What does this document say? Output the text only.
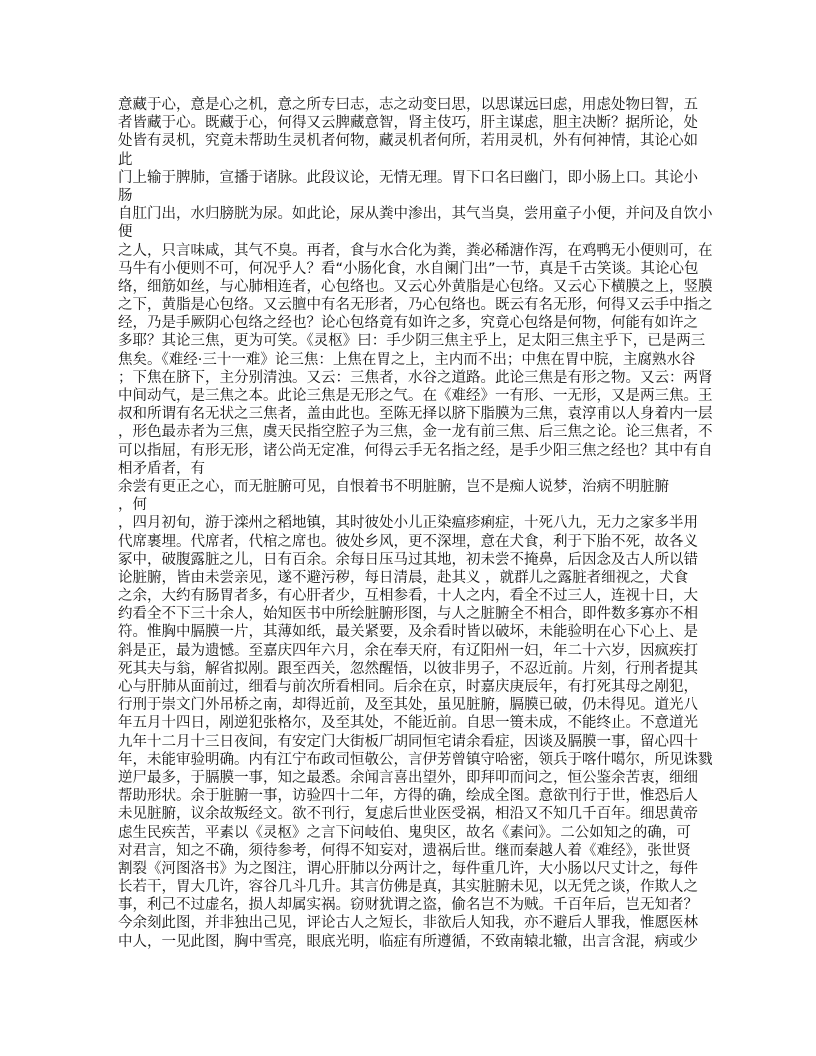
意藏于心，意是心之机，意之所专曰志，志之动变曰思，以思谋远曰虑，用虑处物曰智，五
者皆藏于心。既藏于心，何得又云脾藏意智，肾主伎巧，肝主谋虑，胆主决断？据所论，处
处皆有灵机，究竟未帮助生灵机者何物，藏灵机者何所，若用灵机，外有何神情，其论心如
此
门上输于脾肺，宣播于诸脉。此段议论，无情无理。胃下口名曰幽门，即小肠上口。其论小
肠
自肛门出，水归膀胱为尿。如此论，尿从粪中渗出，其气当臭，尝用童子小便，并问及自饮小
便
之人，只言味咸，其气不臭。再者，食与水合化为粪，粪必稀溏作泻，在鸡鸭无小便则可，在
马牛有小便则不可，何况乎人？看“小肠化食，水自阑门出”一节，真是千古笑谈。其论心包
络，细筋如丝，与心肺相连者，心包络也。又云心外黄脂是心包络。又云心下横膜之上，竖膜
之下，黄脂是心包络。又云膻中有名无形者，乃心包络也。既云有名无形，何得又云手中指之
经，乃是手厥阴心包络之经也？论心包络竟有如许之多，究竟心包络是何物，何能有如许之
多耶？其论三焦，更为可笑。《灵枢》曰：手少阴三焦主乎上，足太阳三焦主乎下，已是两三
焦矣。《难经·三十一难》论三焦：上焦在胃之上，主内而不出；中焦在胃中脘，主腐熟水谷
；下焦在脐下，主分别清浊。又云：三焦者，水谷之道路。此论三焦是有形之物。又云：两肾
中间动气，是三焦之本。此论三焦是无形之气。在《难经》一有形、一无形，又是两三焦。王
叔和所谓有名无状之三焦者，盖由此也。至陈无择以脐下脂膜为三焦，袁淳甫以人身着内一层
，形色最赤者为三焦，虞天民指空腔子为三焦，金一龙有前三焦、后三焦之论。论三焦者，不
可以指屈，有形无形，诸公尚无定准，何得云手无名指之经，是手少阳三焦之经也？其中有自
相矛盾者，有
余尝有更正之心，而无脏腑可见，自恨着书不明脏腑，岂不是痴人说梦，治病不明脏腑
，何
，四月初旬，游于滦州之稻地镇，其时彼处小儿正染瘟疹痢症，十死八九，无力之家多半用
代席裹埋。代席者，代棺之席也。彼处乡风，更不深埋，意在犬食，利于下胎不死，故各义
冢中，破腹露脏之儿，日有百余。余每日压马过其地，初未尝不掩鼻，后因念及古人所以错
论脏腑，皆由未尝亲见，遂不避污秽，每日清晨，赴其义 ，就群儿之露脏者细视之，犬食
之余，大约有肠胃者多，有心肝者少，互相参看，十人之内，看全不过三人，连视十日，大
约看全不下三十余人，始知医书中所绘脏腑形图，与人之脏腑全不相合，即件数多寡亦不相
符。惟胸中膈膜一片，其薄如纸，最关紧要，及余看时皆以破坏，未能验明在心下心上、是
斜是正，最为遗憾。至嘉庆四年六月，余在奉天府，有辽阳州一妇，年二十六岁，因疯疾打
死其夫与翁，解省拟剐。跟至西关，忽然醒悟，以彼非男子，不忍近前。片刻，行刑者提其
心与肝肺从面前过，细看与前次所看相同。后余在京，时嘉庆庚辰年，有打死其母之剐犯，
行刑于崇文门外吊桥之南，却得近前，及至其处，虽见脏腑，膈膜已破，仍未得见。道光八
年五月十四日，剐逆犯张格尔，及至其处，不能近前。自思一篑未成，不能终止。不意道光
九年十二月十三日夜间，有安定门大街板厂胡同恒宅请余看症，因谈及膈膜一事，留心四十
年，未能审验明确。内有江宁布政司恒敬公，言伊芳曾镇守哈密，领兵于喀什噶尔，所见诛戮
逆尸最多，于膈膜一事，知之最悉。余闻言喜出望外，即拜叩而问之，恒公鉴余苦衷，细细
帮助形状。余于脏腑一事，访验四十二年，方得的确，绘成全图。意欲刊行于世，惟恐后人
未见脏腑，议余故叛经文。欲不刊行，复虑后世业医受祸，相沿又不知几千百年。细思黄帝
虑生民疾苦，平素以《灵枢》之言下问岐伯、鬼臾区，故名《素问》。二公如知之的确，可
对君言，知之不确，须待参考，何得不知妄对，遗祸后世。继而秦越人着《难经》，张世贤
割裂《河图洛书》为之图注，谓心肝肺以分两计之，每件重几许，大小肠以尺丈计之，每件
长若干，胃大几许，容谷几斗几升。其言仿佛是真，其实脏腑未见，以无凭之谈，作欺人之
事，利己不过虚名，损人却属实祸。窃财犹谓之盗，偷名岂不为贼。千百年后，岂无知者？
今余刻此图，并非独出己见，评论古人之短长，非欲后人知我，亦不避后人罪我，惟愿医林
中人，一见此图，胸中雪亮，眼底光明，临症有所遵循，不致南辕北辙，出言含混，病或少
